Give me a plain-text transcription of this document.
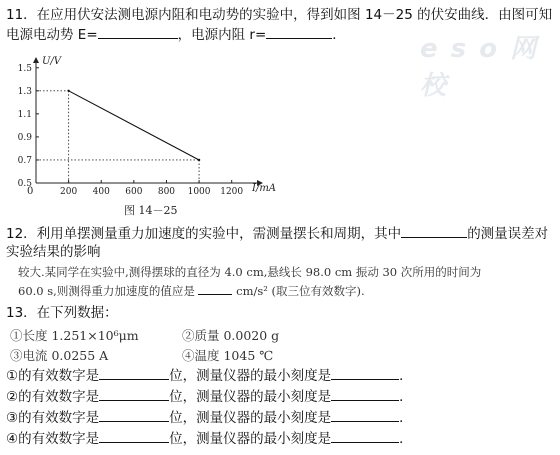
e s o 网 校
11．在应用伏安法测电源内阻和电动势的实验中，得到如图 14－25 的伏安曲线．由图可知
电源电动势 E=	，电源内阻 r=	．
200 400 600 800 1000 1200
0.5
0.7
0.9
1.1
1.3
1.5
U/V
I/mA
0
图 14－25
12．利用单摆测量重力加速度的实验中，需测量摆长和周期，其中	的测量误差对
实验结果的影响
较大.某同学在实验中,测得摆球的直径为 4.0 cm,悬线长 98.0 cm 振动 30 次所用的时间为
60.0 s,则测得重力加速度的值应是	cm/s² (取三位有效数字).
13．在下列数据：
①长度 1.251×10⁶μm	②质量 0.0020 g
③电流 0.0255 A	④温度 1045 ℃
①的有效数字是	位，测量仪器的最小刻度是	．
②的有效数字是	位，测量仪器的最小刻度是	．
③的有效数字是	位，测量仪器的最小刻度是	．
④的有效数字是	位，测量仪器的最小刻度是	．
